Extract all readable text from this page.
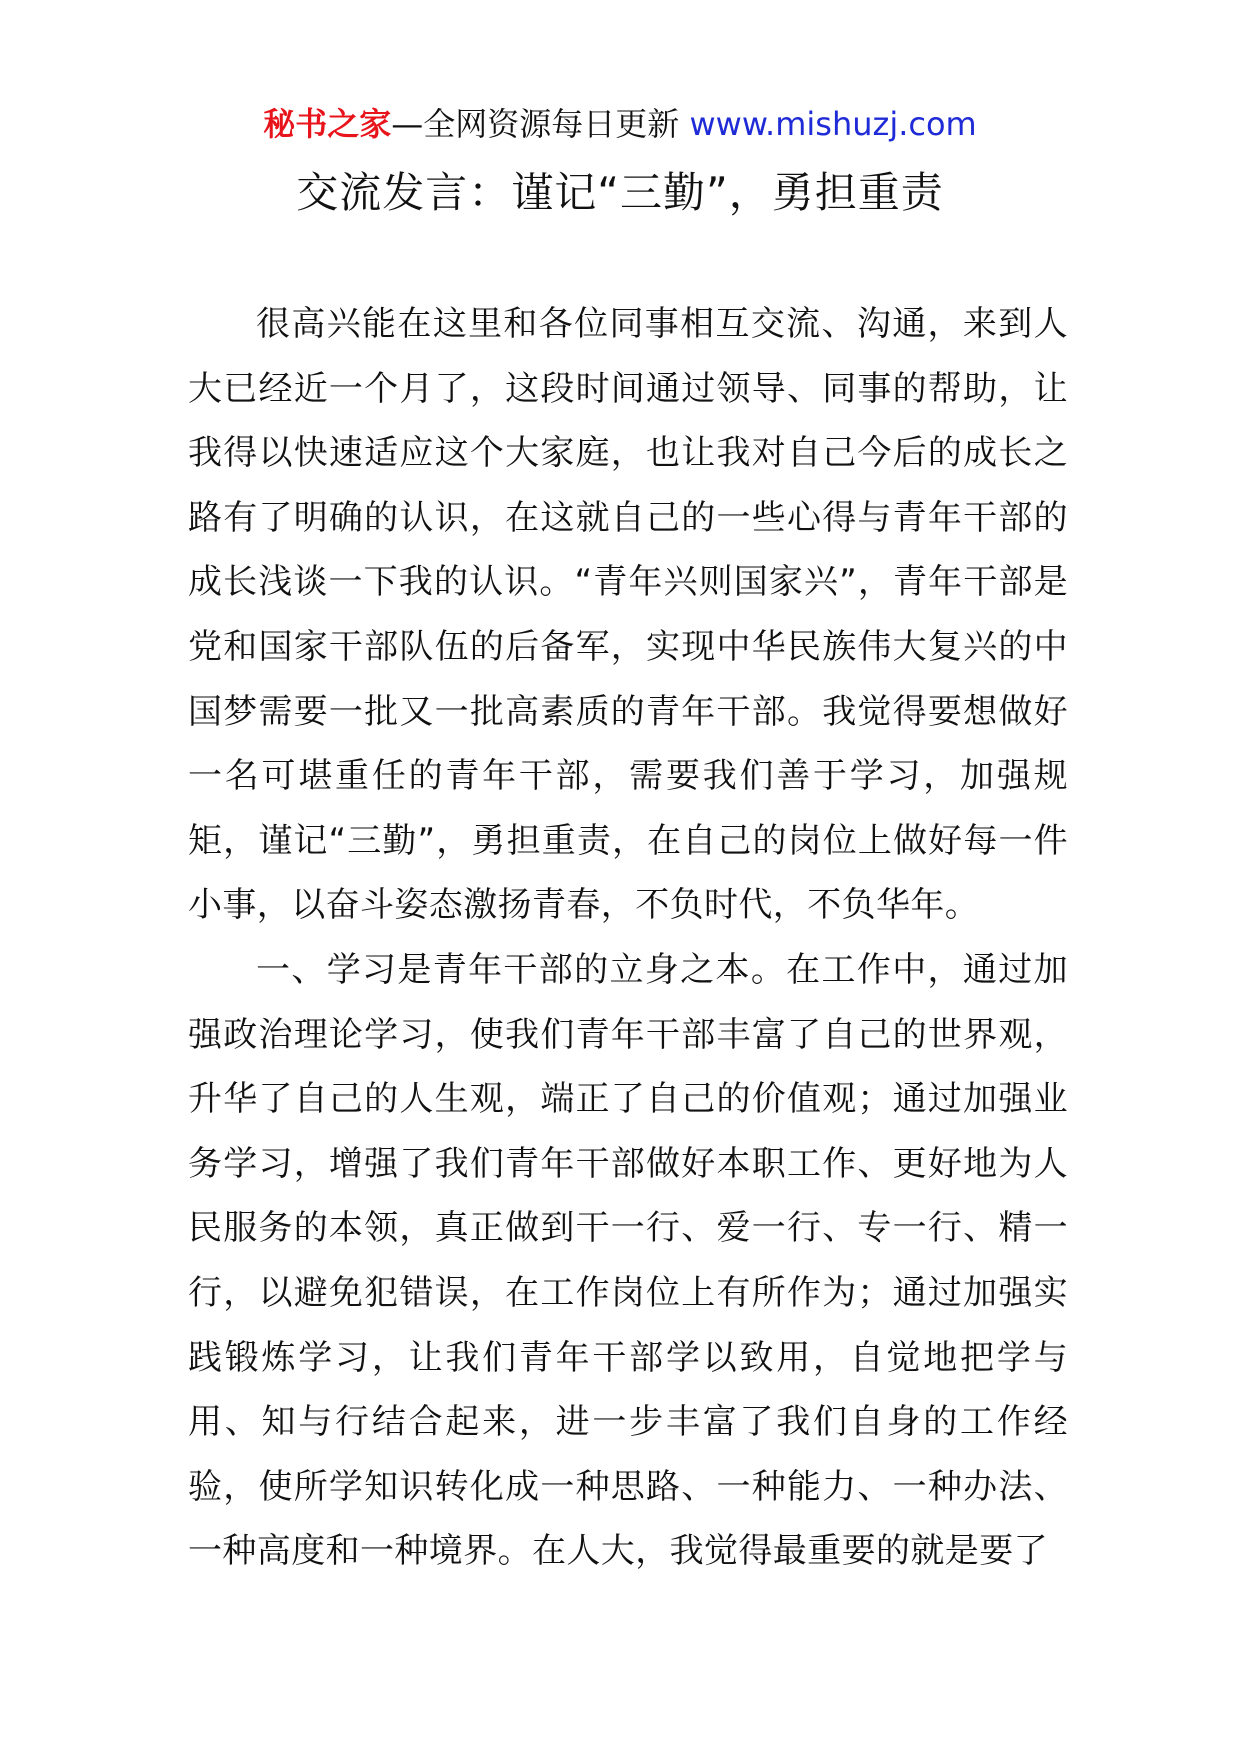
秘书之家—全网资源每日更新 www.mishuzj.com
交流发言：谨记“三勤”，勇担重责

很高兴能在这里和各位同事相互交流、沟通，来到人大已经近一个月了，这段时间通过领导、同事的帮助，让我得以快速适应这个大家庭，也让我对自己今后的成长之路有了明确的认识，在这就自己的一些心得与青年干部的成长浅谈一下我的认识。“青年兴则国家兴”，青年干部是党和国家干部队伍的后备军，实现中华民族伟大复兴的中国梦需要一批又一批高素质的青年干部。我觉得要想做好一名可堪重任的青年干部，需要我们善于学习，加强规矩，谨记“三勤”，勇担重责，在自己的岗位上做好每一件小事，以奋斗姿态激扬青春，不负时代，不负华年。

一、学习是青年干部的立身之本。在工作中，通过加强政治理论学习，使我们青年干部丰富了自己的世界观，升华了自己的人生观，端正了自己的价值观；通过加强业务学习，增强了我们青年干部做好本职工作、更好地为人民服务的本领，真正做到干一行、爱一行、专一行、精一行，以避免犯错误，在工作岗位上有所作为；通过加强实践锻炼学习，让我们青年干部学以致用，自觉地把学与用、知与行结合起来，进一步丰富了我们自身的工作经验，使所学知识转化成一种思路、一种能力、一种办法、一种高度和一种境界。在人大，我觉得最重要的就是要了
